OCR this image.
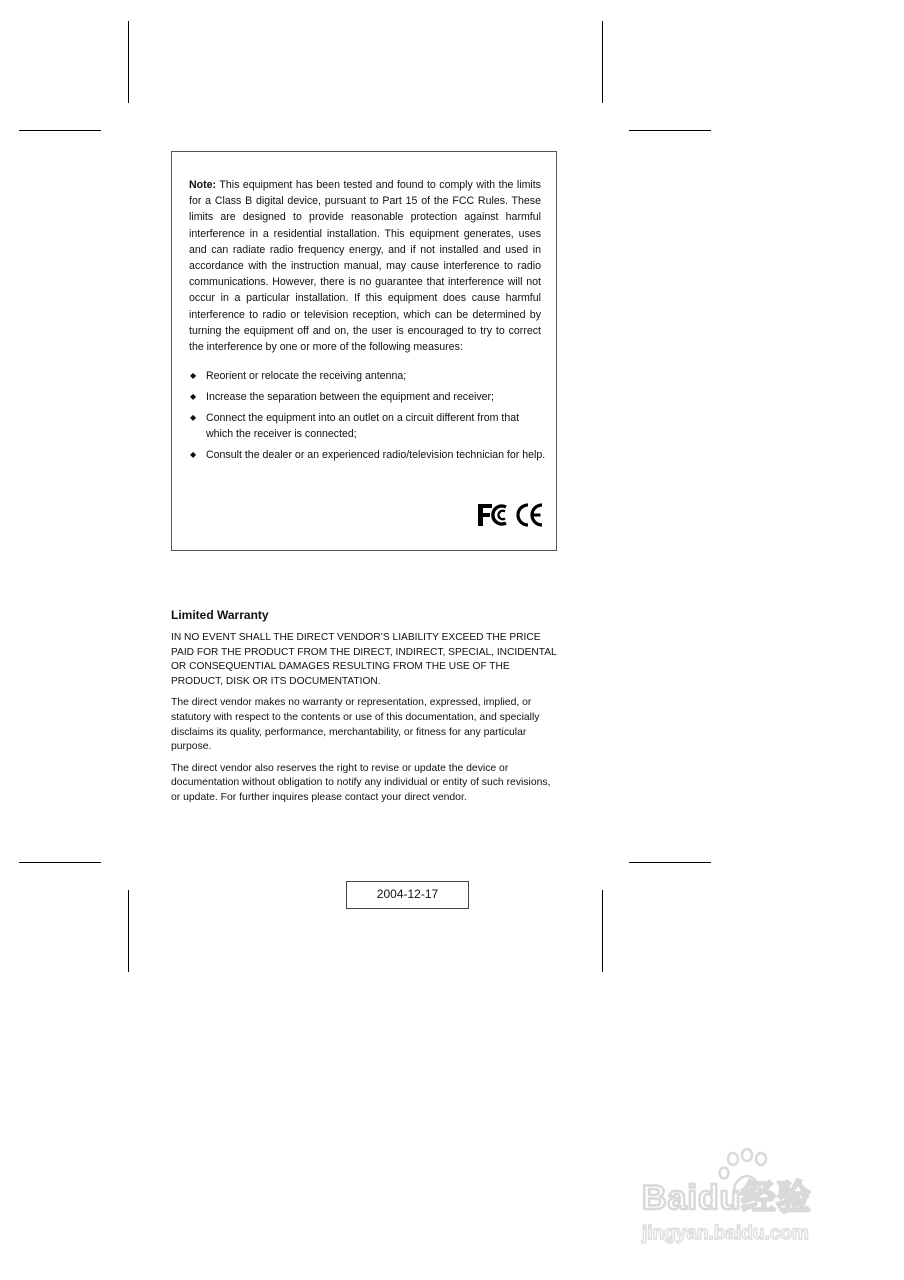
Note: This equipment has been tested and found to comply with the limits for a Class B digital device, pursuant to Part 15 of the FCC Rules. These limits are designed to provide reasonable protection against harmful interference in a residential installation. This equipment generates, uses and can radiate radio frequency energy, and if not installed and used in accordance with the instruction manual, may cause interference to radio communications. However, there is no guarantee that interference will not occur in a particular installation. If this equipment does cause harmful interference to radio or television reception, which can be determined by turning the equipment off and on, the user is encouraged to try to correct the interference by one or more of the following measures:

◆ Reorient or relocate the receiving antenna;
◆ Increase the separation between the equipment and receiver;
◆ Connect the equipment into an outlet on a circuit different from that which the receiver is connected;
◆ Consult the dealer or an experienced radio/television technician for help.
Limited Warranty

IN NO EVENT SHALL THE DIRECT VENDOR’S LIABILITY EXCEED THE PRICE PAID FOR THE PRODUCT FROM THE DIRECT, INDIRECT, SPECIAL, INCIDENTAL OR CONSEQUENTIAL DAMAGES RESULTING FROM THE USE OF THE PRODUCT, DISK OR ITS DOCUMENTATION.

The direct vendor makes no warranty or representation, expressed, implied, or statutory with respect to the contents or use of this documentation, and specially disclaims its quality, performance, merchantability, or fitness for any particular purpose.

The direct vendor also reserves the right to revise or update the device or documentation without obligation to notify any individual or entity of such revisions, or update. For further inquires please contact your direct vendor.

2004-12-17
Baidu经验
jingyan.baidu.com
